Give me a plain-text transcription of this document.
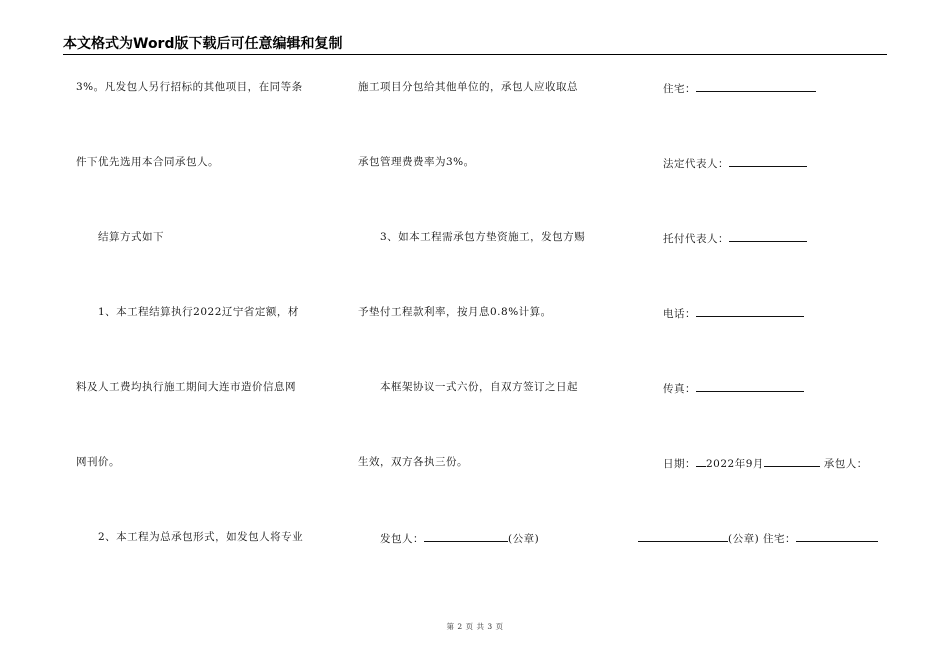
本文格式为Word版下载后可任意编辑和复制
3%。凡发包人另行招标的其他项目，在同等条
件下优先选用本合同承包人。
结算方式如下
1、本工程结算执行2022辽宁省定额，材
料及人工费均执行施工期间大连市造价信息网
网刊价。
2、本工程为总承包形式，如发包人将专业
施工项目分包给其他单位的，承包人应收取总
承包管理费费率为3%。
3、如本工程需承包方垫资施工，发包方赐
予垫付工程款利率，按月息0.8%计算。
本框架协议一式六份，自双方签订之日起
生效，双方各执三份。
发包人：	(公章)
住宅：
法定代表人：
托付代表人：
电话：
传真：
日期： 2022年9月	承包人：
(公章) 住宅：
第 2 页 共 3 页
